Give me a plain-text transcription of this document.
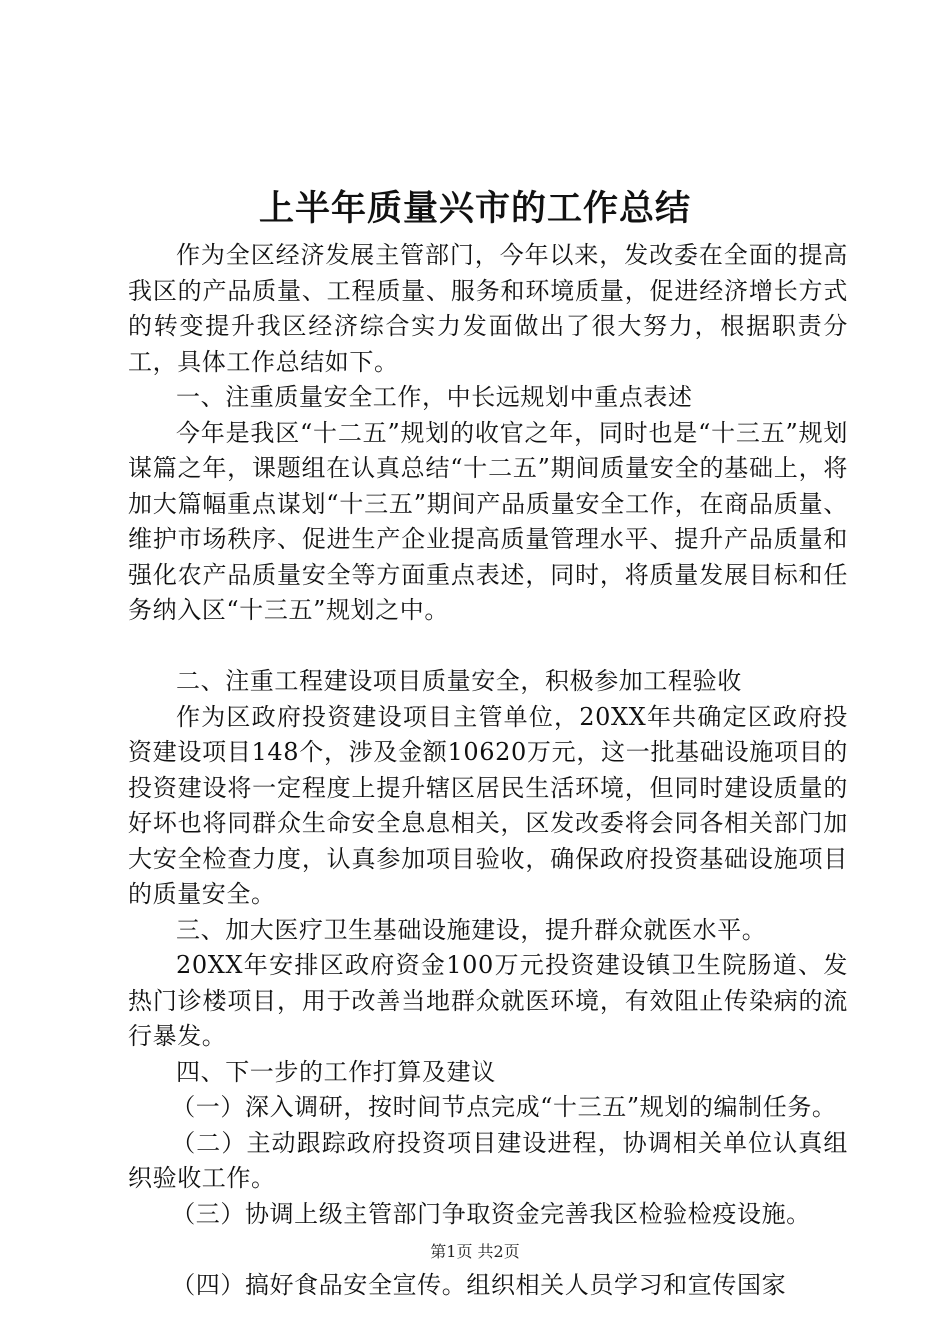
上半年质量兴市的工作总结

作为全区经济发展主管部门，今年以来，发改委在全面的提高我区的产品质量、工程质量、服务和环境质量，促进经济增长方式的转变提升我区经济综合实力发面做出了很大努力，根据职责分工，具体工作总结如下。

一、注重质量安全工作，中长远规划中重点表述

今年是我区“十二五”规划的收官之年，同时也是“十三五”规划谋篇之年，课题组在认真总结“十二五”期间质量安全的基础上，将加大篇幅重点谋划“十三五”期间产品质量安全工作，在商品质量、维护市场秩序、促进生产企业提高质量管理水平、提升产品质量和强化农产品质量安全等方面重点表述，同时，将质量发展目标和任务纳入区“十三五”规划之中。

二、注重工程建设项目质量安全，积极参加工程验收

作为区政府投资建设项目主管单位，20XX年共确定区政府投资建设项目148个，涉及金额10620万元，这一批基础设施项目的投资建设将一定程度上提升辖区居民生活环境，但同时建设质量的好坏也将同群众生命安全息息相关，区发改委将会同各相关部门加大安全检查力度，认真参加项目验收，确保政府投资基础设施项目的质量安全。

三、加大医疗卫生基础设施建设，提升群众就医水平。

20XX年安排区政府资金100万元投资建设镇卫生院肠道、发热门诊楼项目，用于改善当地群众就医环境，有效阻止传染病的流行暴发。

四、下一步的工作打算及建议

（一）深入调研，按时间节点完成“十三五”规划的编制任务。

（二）主动跟踪政府投资项目建设进程，协调相关单位认真组织验收工作。

（三）协调上级主管部门争取资金完善我区检验检疫设施。

（四）搞好食品安全宣传。组织相关人员学习和宣传国家

第1页 共2页
